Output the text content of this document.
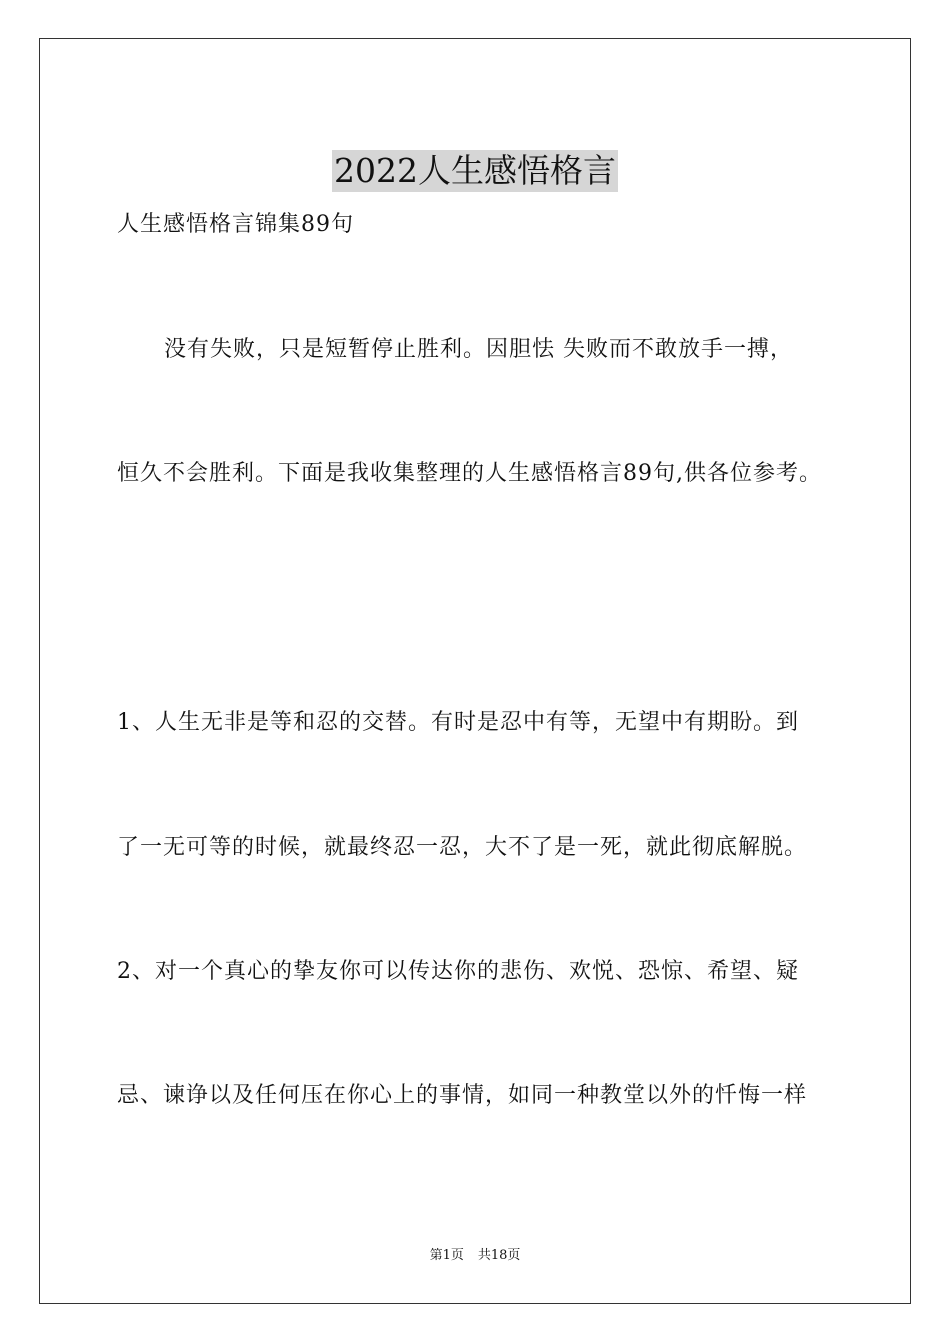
2022人生感悟格言
人生感悟格言锦集89句
没有失败，只是短暂停止胜利。因胆怯 失败而不敢放手一搏，
恒久不会胜利。下面是我收集整理的人生感悟格言89句,供各位参考。
1、人生无非是等和忍的交替。有时是忍中有等，无望中有期盼。到
了一无可等的时候，就最终忍一忍，大不了是一死，就此彻底解脱。
2、对一个真心的挚友你可以传达你的悲伤、欢悦、恐惊、希望、疑
忌、谏诤以及任何压在你心上的事情，如同一种教堂以外的忏悔一样
第1页 共18页
